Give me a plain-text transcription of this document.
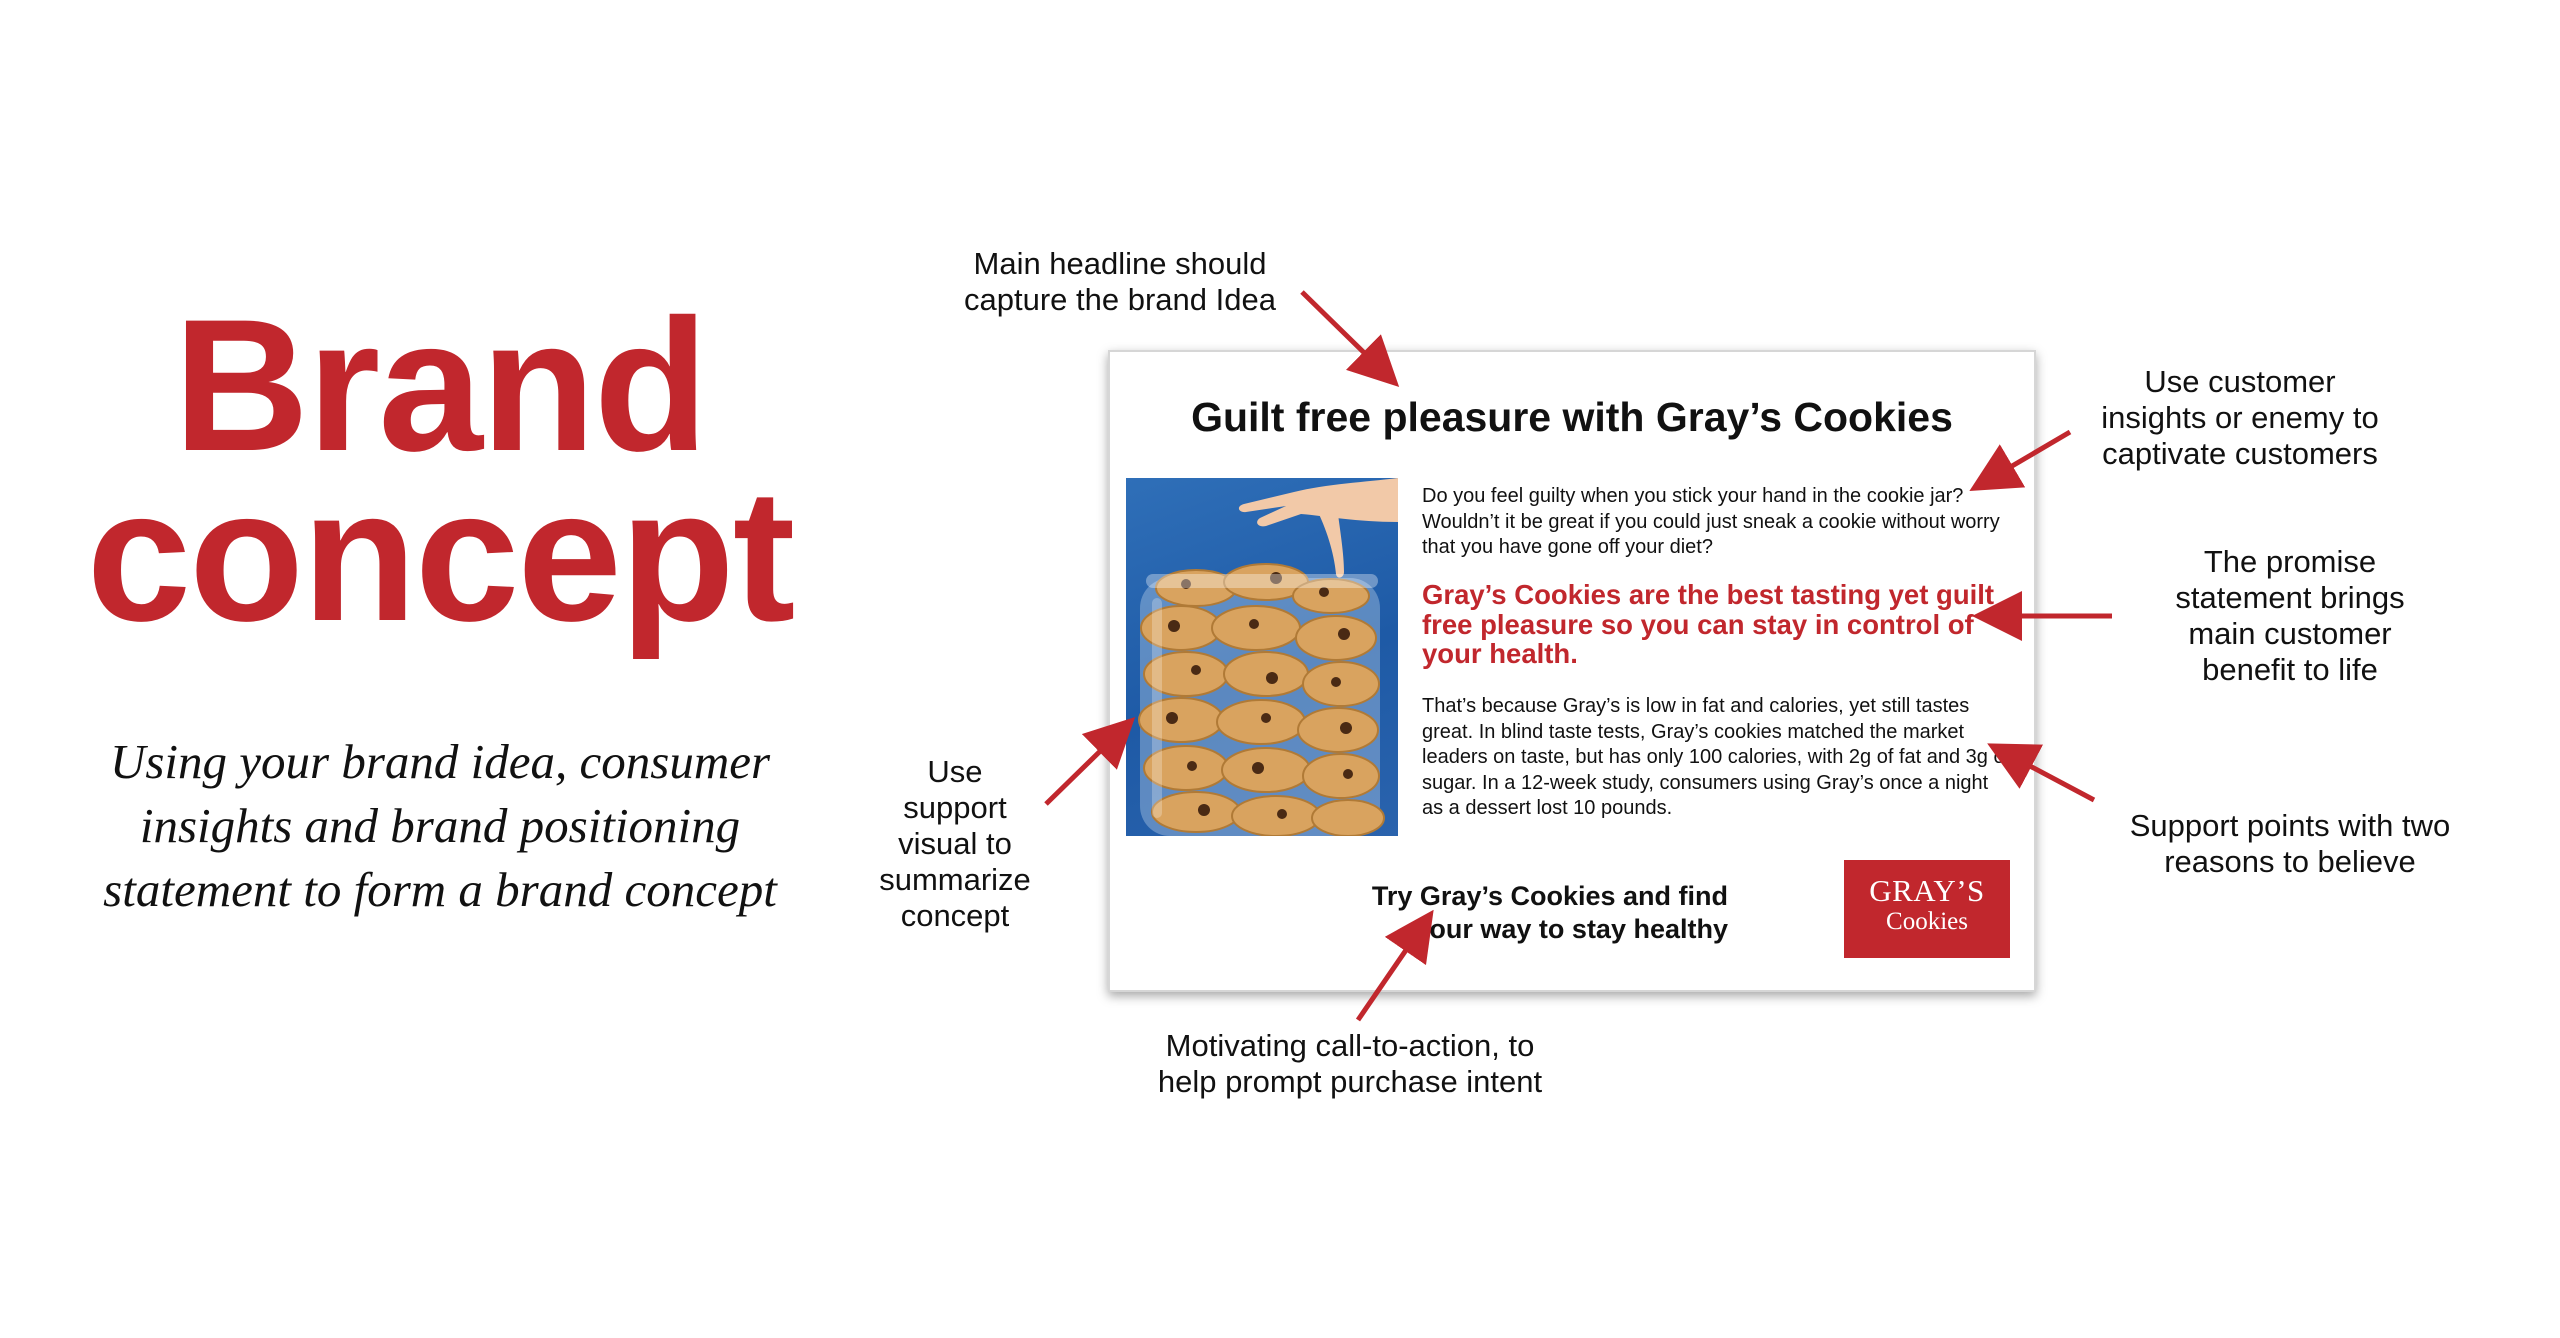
Brand
concept
Using your brand idea, consumer
insights and brand positioning
statement to form a brand concept
Guilt free pleasure with Gray’s Cookies
Do you feel guilty when you stick your hand in the cookie jar? Wouldn’t it be great if you could just sneak a cookie without worry that you have gone off your diet?
Gray’s Cookies are the best tasting yet guilt free pleasure so you can stay in control of your health.
That’s because Gray’s is low in fat and calories, yet still tastes great. In blind taste tests, Gray’s cookies matched the market leaders on taste, but has only 100 calories, with 2g of fat and 3g of sugar. In a 12-week study, consumers using Gray’s once a night as a dessert lost 10 pounds.
Try Gray’s Cookies and find
your way to stay healthy
GRAY’S
Cookies
Main headline should
capture the brand Idea
Use customer
insights or enemy to
captivate customers
The promise
statement brings
main customer
benefit to life
Support points with two
reasons to believe
Use
support
visual to
summarize
concept
Motivating call-to-action, to
help prompt purchase intent
